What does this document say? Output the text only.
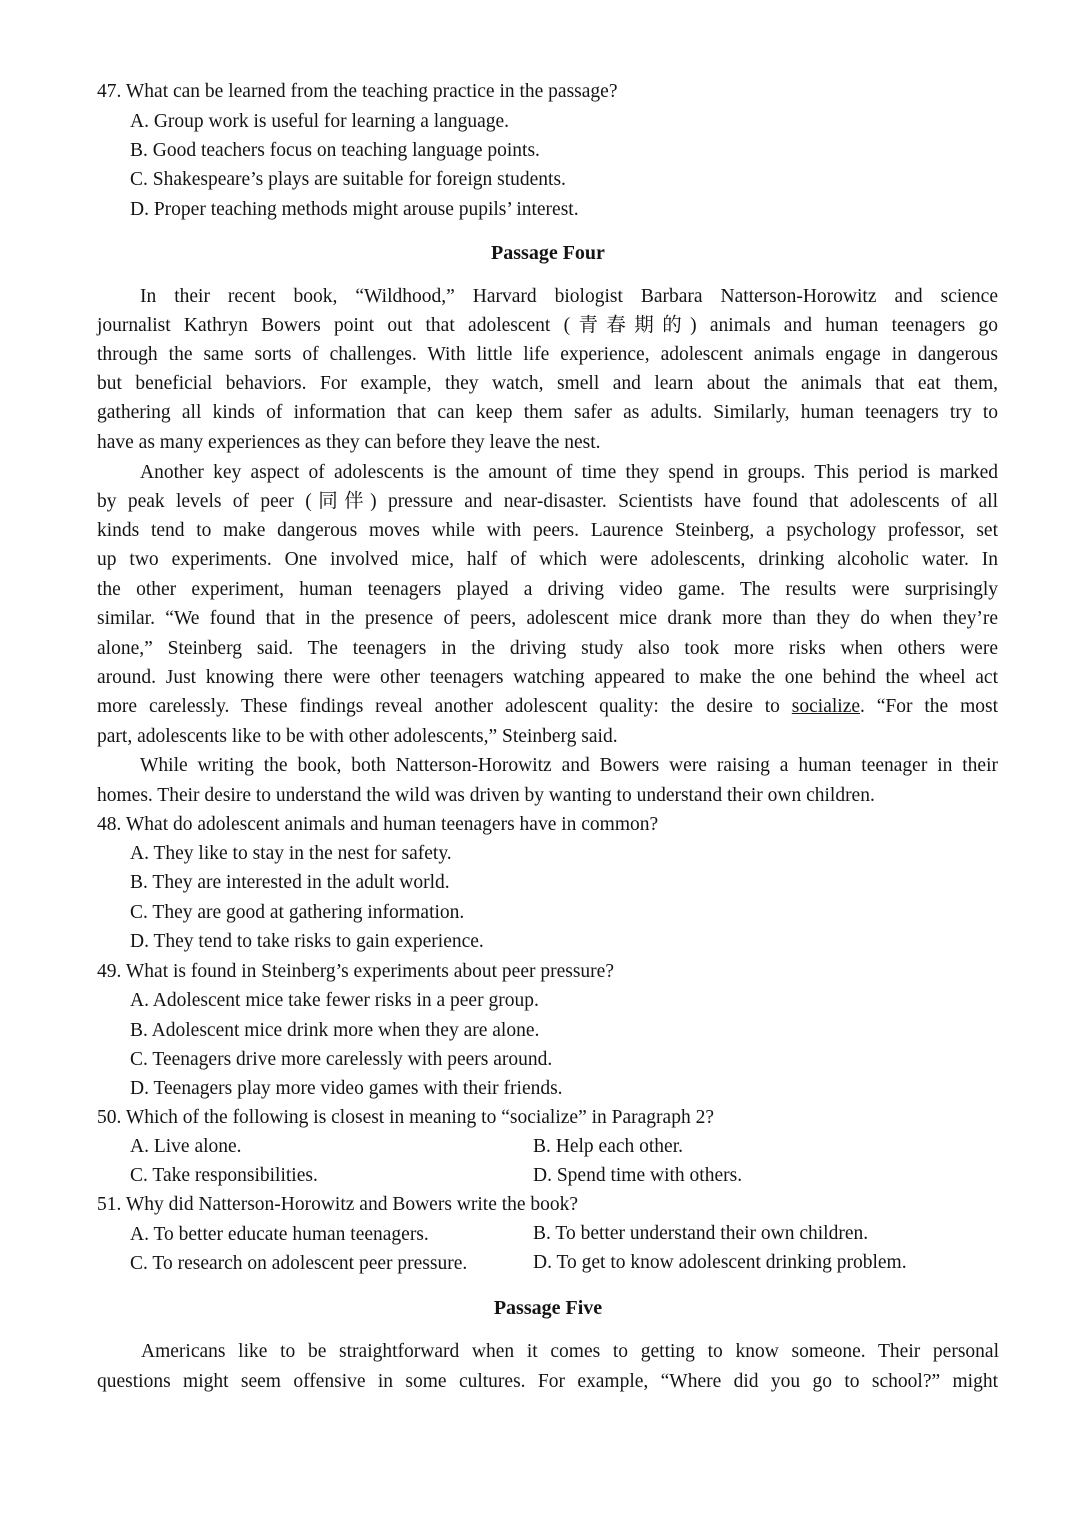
47. What can be learned from the teaching practice in the passage?
A. Group work is useful for learning a language.
B. Good teachers focus on teaching language points.
C. Shakespeare’s plays are suitable for foreign students.
D. Proper teaching methods might arouse pupils’ interest.
Passage Four
In their recent book, “Wildhood,” Harvard biologist Barbara Natterson-Horowitz and science
journalist Kathryn Bowers point out that adolescent (青春期的) animals and human teenagers go
through the same sorts of challenges. With little life experience, adolescent animals engage in dangerous
but beneficial behaviors. For example, they watch, smell and learn about the animals that eat them,
gathering all kinds of information that can keep them safer as adults. Similarly, human teenagers try to
have as many experiences as they can before they leave the nest.
Another key aspect of adolescents is the amount of time they spend in groups. This period is marked
by peak levels of peer (同伴) pressure and near-disaster. Scientists have found that adolescents of all
kinds tend to make dangerous moves while with peers. Laurence Steinberg, a psychology professor, set
up two experiments. One involved mice, half of which were adolescents, drinking alcoholic water. In
the other experiment, human teenagers played a driving video game. The results were surprisingly
similar. “We found that in the presence of peers, adolescent mice drank more than they do when they’re
alone,” Steinberg said. The teenagers in the driving study also took more risks when others were
around. Just knowing there were other teenagers watching appeared to make the one behind the wheel act
more carelessly. These findings reveal another adolescent quality: the desire to socialize. “For the most
part, adolescents like to be with other adolescents,” Steinberg said.
While writing the book, both Natterson-Horowitz and Bowers were raising a human teenager in their
homes. Their desire to understand the wild was driven by wanting to understand their own children.
48. What do adolescent animals and human teenagers have in common?
A. They like to stay in the nest for safety.
B. They are interested in the adult world.
C. They are good at gathering information.
D. They tend to take risks to gain experience.
49. What is found in Steinberg’s experiments about peer pressure?
A. Adolescent mice take fewer risks in a peer group.
B. Adolescent mice drink more when they are alone.
C. Teenagers drive more carelessly with peers around.
D. Teenagers play more video games with their friends.
50. Which of the following is closest in meaning to “socialize” in Paragraph 2?
A. Live alone.	B. Help each other.
C. Take responsibilities.	D. Spend time with others.
51. Why did Natterson-Horowitz and Bowers write the book?
A. To better educate human teenagers.	B. To better understand their own children.
C. To research on adolescent peer pressure.	D. To get to know adolescent drinking problem.
Passage Five
Americans like to be straightforward when it comes to getting to know someone. Their personal
questions might seem offensive in some cultures. For example, “Where did you go to school?” might
